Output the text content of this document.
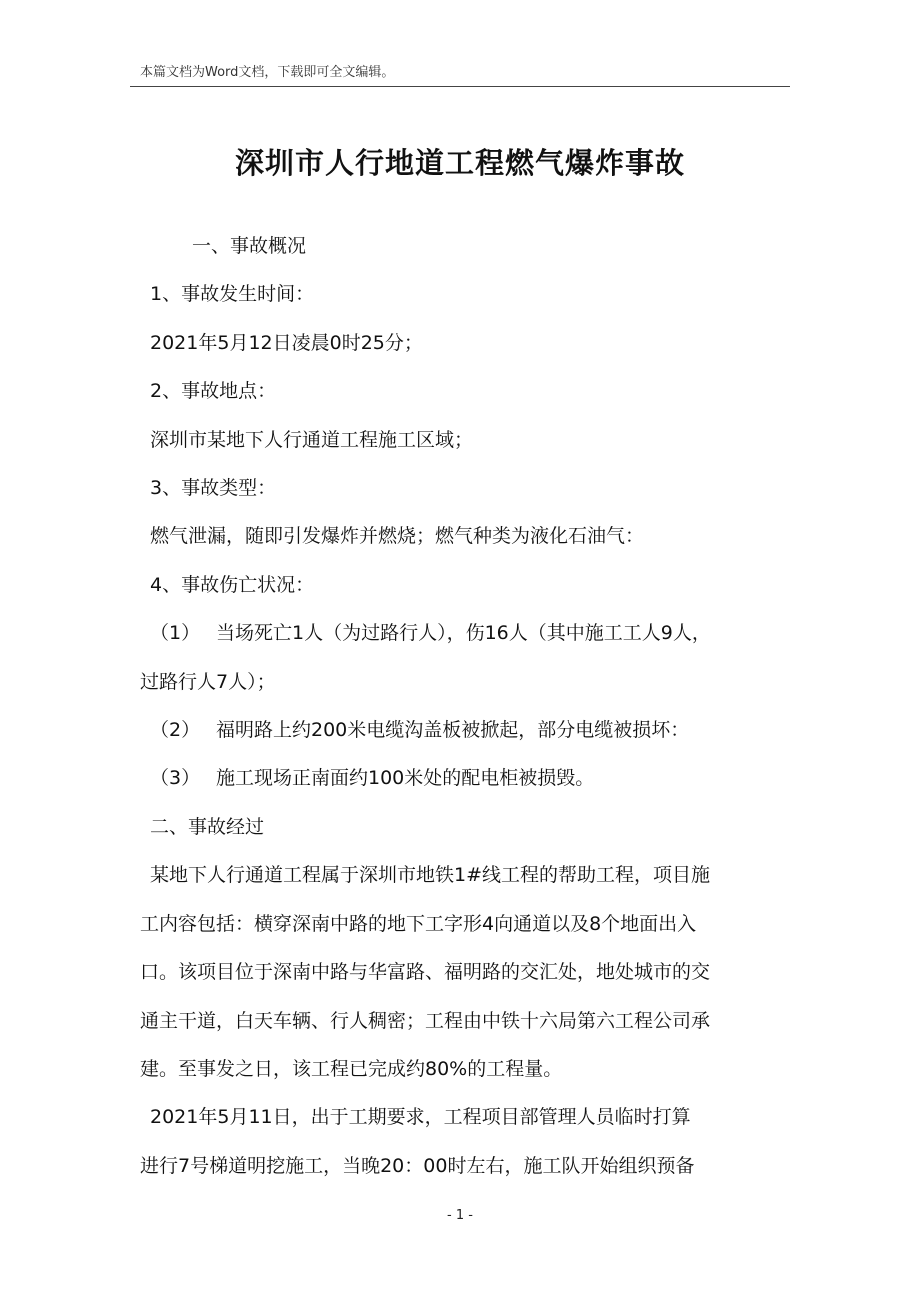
本篇文档为Word文档，下载即可全文编辑。
深圳市人行地道工程燃气爆炸事故

一、事故概况

1、事故发生时间：

2021年5月12日凌晨0时25分；

2、事故地点：

深圳市某地下人行通道工程施工区域；

3、事故类型：

燃气泄漏，随即引发爆炸并燃烧；燃气种类为液化石油气：

4、事故伤亡状况：

（1） 当场死亡1人（为过路行人），伤16人（其中施工工人9人，

过路行人7人）；

（2） 福明路上约200米电缆沟盖板被掀起，部分电缆被损坏：

（3） 施工现场正南面约100米处的配电柜被损毁。

二、事故经过

某地下人行通道工程属于深圳市地铁1#线工程的帮助工程，项目施

工内容包括：横穿深南中路的地下工字形4向通道以及8个地面出入

口。该项目位于深南中路与华富路、福明路的交汇处，地处城市的交

通主干道，白天车辆、行人稠密；工程由中铁十六局第六工程公司承

建。至事发之日，该工程已完成约80%的工程量。

2021年5月11日，出于工期要求，工程项目部管理人员临时打算

进行7号梯道明挖施工，当晚20：00时左右，施工队开始组织预备

- 1 -
